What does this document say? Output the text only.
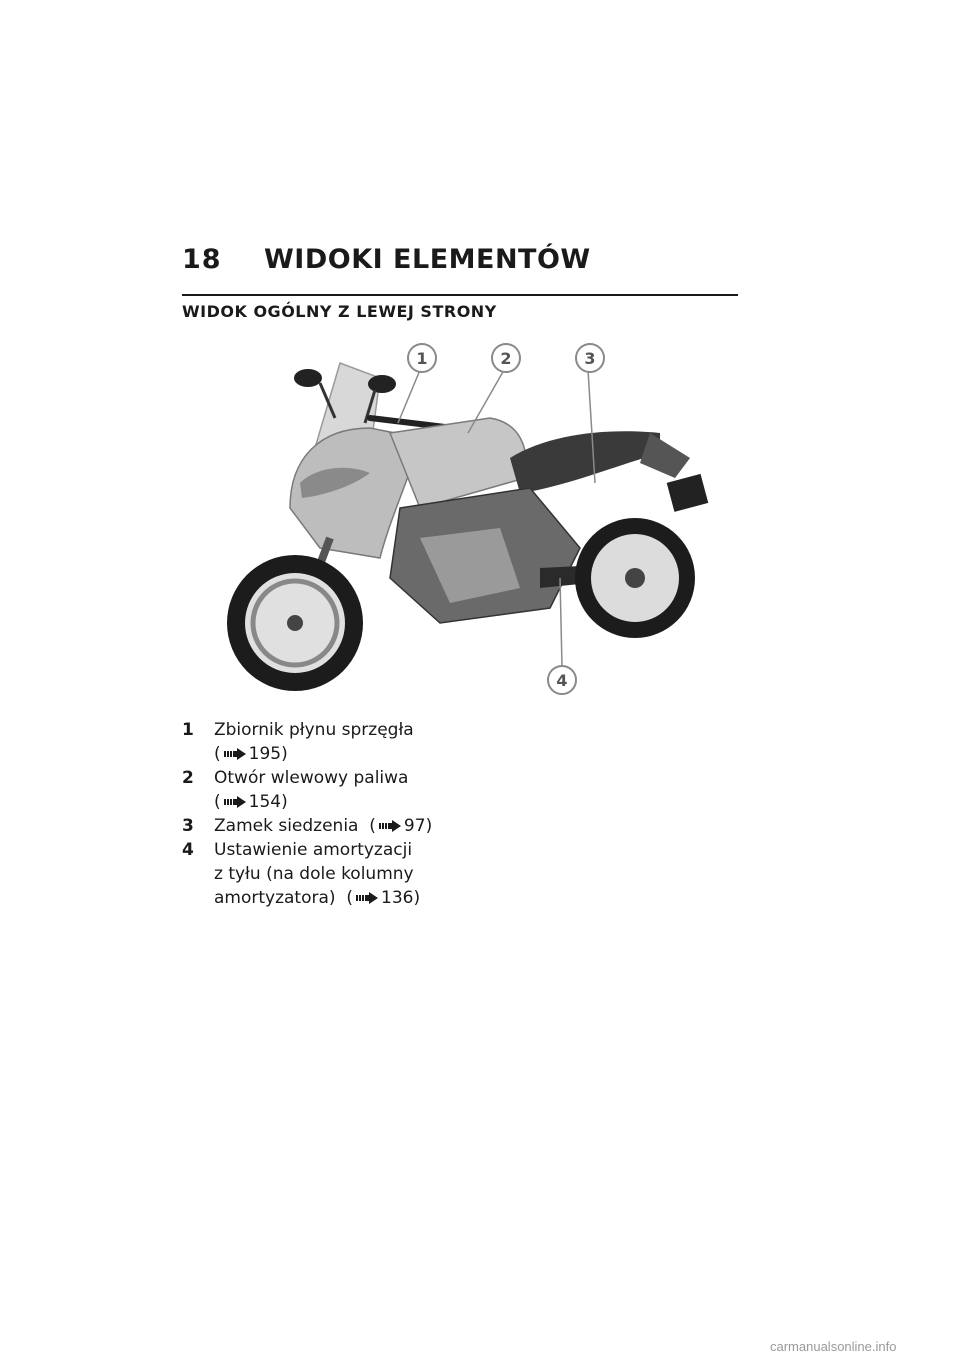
18 WIDOKI ELEMENTÓW
WIDOK OGÓLNY Z LEWEJ STRONY
1	2	3
4
1 Zbiornik płynu sprzęgła
( 195)
2 Otwór wlewowy paliwa
( 154)
3 Zamek siedzenia  ( 97)
4 Ustawienie amortyzacji
z tyłu (na dole kolumny
amortyzatora)  ( 136)
carmanualsonline.info
